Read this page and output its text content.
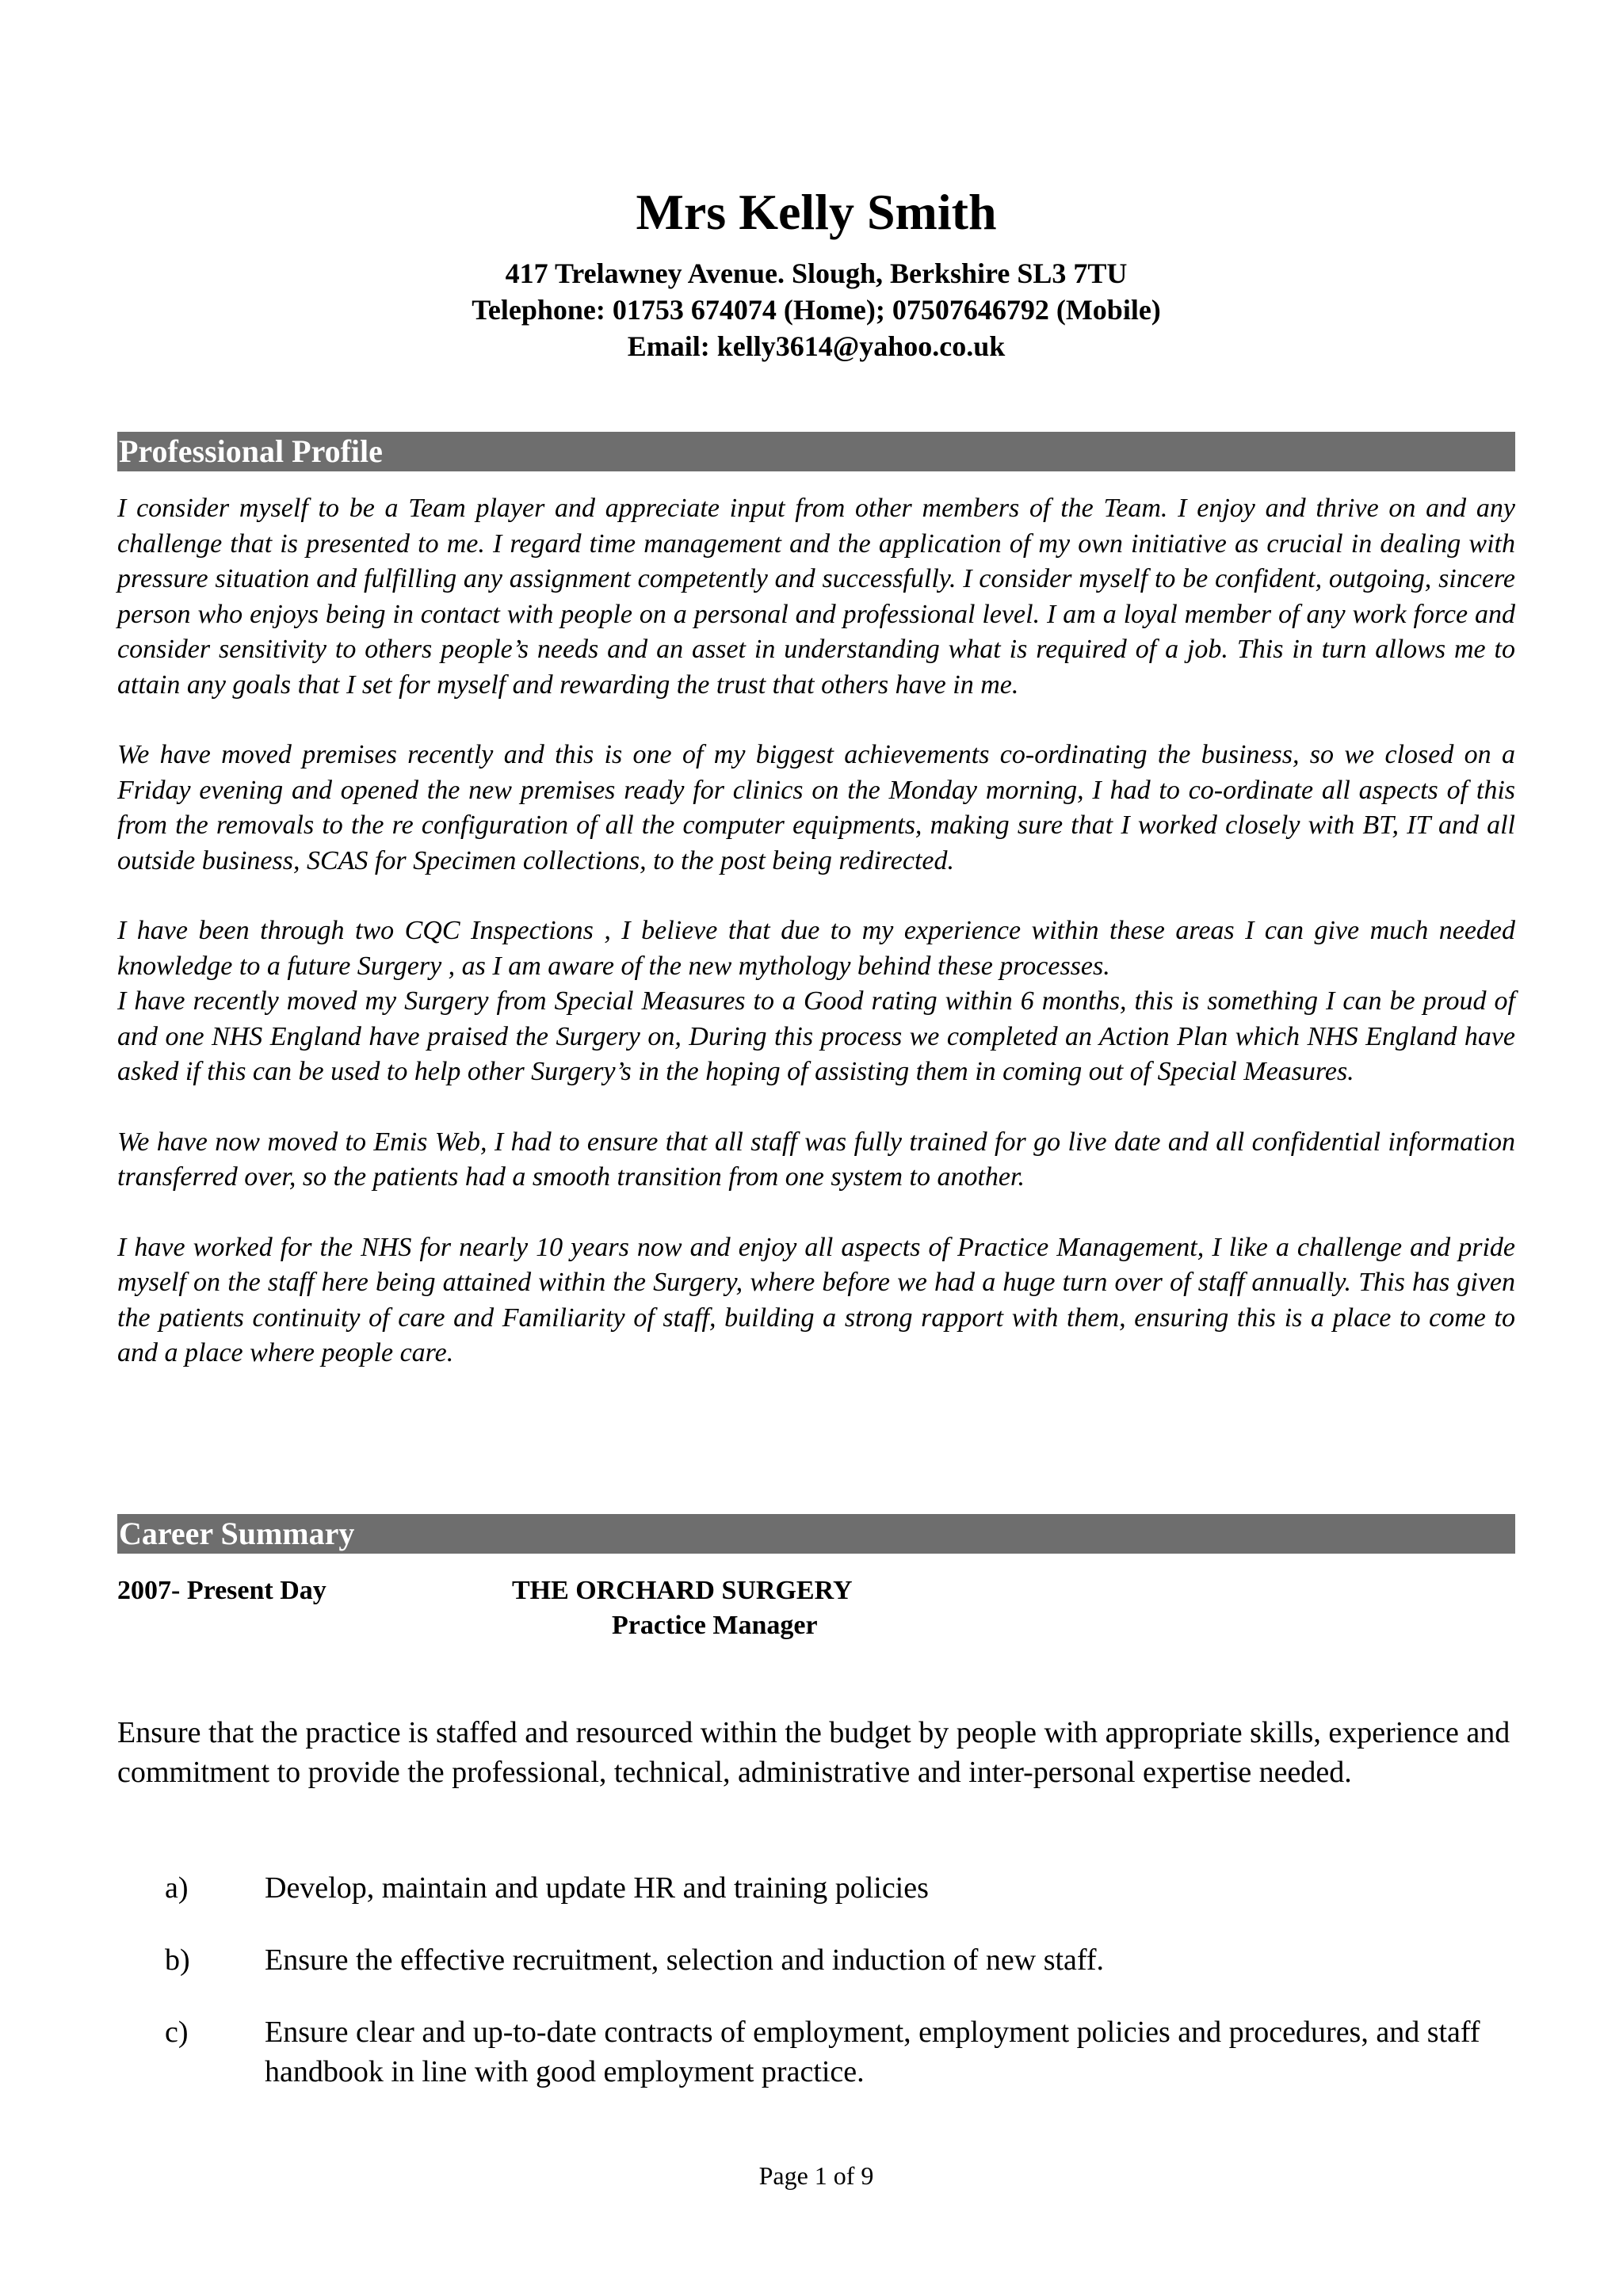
Mrs Kelly Smith
417 Trelawney Avenue. Slough, Berkshire SL3 7TU
Telephone: 01753 674074 (Home); 07507646792 (Mobile)
Email: kelly3614@yahoo.co.uk
Professional Profile

I consider myself to be a Team player and appreciate input from other members of the Team. I enjoy and thrive on and any challenge that is presented to me. I regard time management and the application of my own initiative as crucial in dealing with pressure situation and fulfilling any assignment competently and successfully. I consider myself to be confident, outgoing, sincere person who enjoys being in contact with people on a personal and professional level. I am a loyal member of any work force and consider sensitivity to others people’s needs and an asset in understanding what is required of a job. This in turn allows me to attain any goals that I set for myself and rewarding the trust that others have in me.

We have moved premises recently and this is one of my biggest achievements co-ordinating the business, so we closed on a Friday evening and opened the new premises ready for clinics on the Monday morning, I had to co-ordinate all aspects of this from the removals to the re configuration of all the computer equipments, making sure that I worked closely with BT, IT and all outside business, SCAS for Specimen collections, to the post being redirected.

I have been through two CQC Inspections , I believe that due to my experience within these areas I can give much needed knowledge to a future Surgery , as I am aware of the new mythology behind these processes.

I have recently moved my Surgery from Special Measures to a Good rating within 6 months, this is something I can be proud of and one NHS England have praised the Surgery on, During this process we completed an Action Plan which NHS England have asked if this can be used to help other Surgery’s in the hoping of assisting them in coming out of Special Measures.

We have now moved to Emis Web, I had to ensure that all staff was fully trained for go live date and all confidential information transferred over, so the patients had a smooth transition from one system to another.

I have worked for the NHS for nearly 10 years now and enjoy all aspects of Practice Management, I like a challenge and pride myself on the staff here being attained within the Surgery, where before we had a huge turn over of staff annually. This has given the patients continuity of care and Familiarity of staff, building a strong rapport with them, ensuring this is a place to come to and a place where people care.

Career Summary
2007- Present Day	THE ORCHARD SURGERY
Practice Manager
Ensure that the practice is staffed and resourced within the budget by people with appropriate skills, experience and commitment to provide the professional, technical, administrative and inter-personal expertise needed.
a)	Develop, maintain and update HR and training policies
b) Ensure the effective recruitment, selection and induction of new staff.
c)	Ensure clear and up-to-date contracts of employment, employment policies and procedures, and staff handbook in line with good employment practice.
Page 1 of 9
